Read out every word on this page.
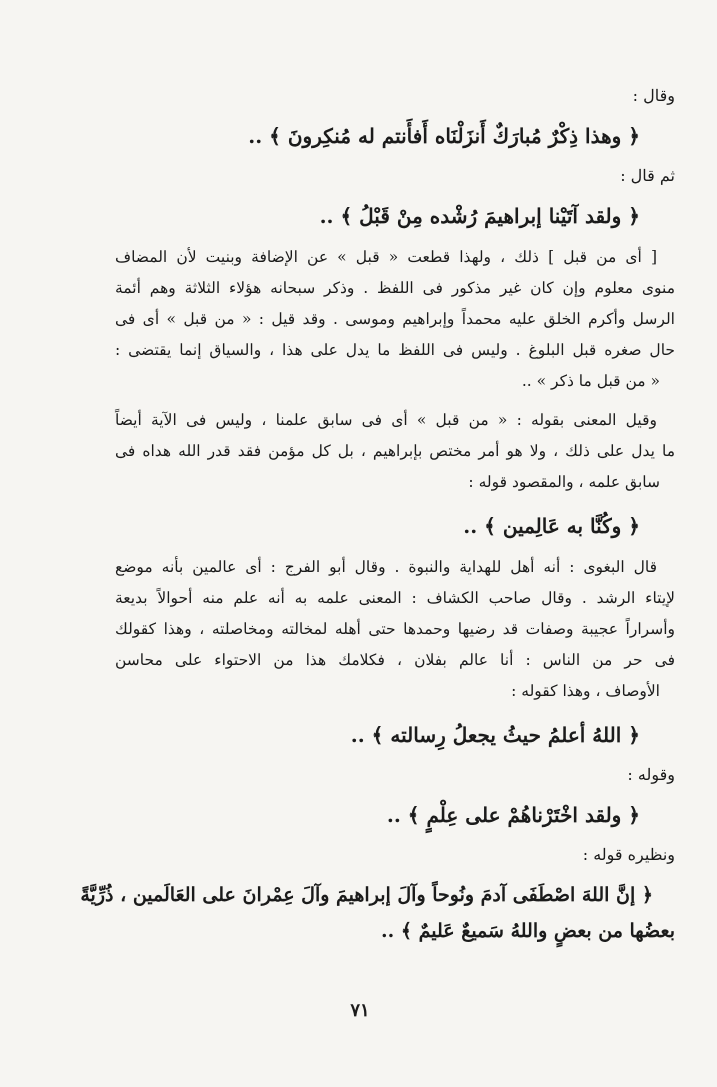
وقال :
﴿ وهذا ذِكْرٌ مُبارَكٌ أَنزَلْنَاه أَفأَنتم له مُنكِرونَ ﴾ ..
ثم قال :
﴿ ولقد آتَيْنا إبراهيمَ رُشْده مِنْ قَبْلُ ﴾ ..
[ أى من قبل ] ذلك ، ولهذا قطعت « قبل » عن الإضافة وبنيت لأن المضاف
منوى معلوم وإن كان غير مذكور فى اللفظ . وذكر سبحانه هؤلاء الثلاثة وهم أئمة
الرسل وأكرم الخلق عليه محمداً وإبراهيم وموسى . وقد قيل : « من قبل » أى فى
حال صغره قبل البلوغ . وليس فى اللفظ ما يدل على هذا ، والسياق إنما يقتضى :
« من قبل ما ذكر » ..
وقيل المعنى بقوله : « من قبل » أى فى سابق علمنا ، وليس فى الآية أيضاً
ما يدل على ذلك ، ولا هو أمر مختص بإبراهيم ، بل كل مؤمن فقد قدر الله هداه فى
سابق علمه ، والمقصود قوله :
﴿ وكُنَّا به عَالِمين ﴾ ..
قال البغوى : أنه أهل للهداية والنبوة . وقال أبو الفرج : أى عالمين بأنه موضع
لإيتاء الرشد . وقال صاحب الكشاف : المعنى علمه به أنه علم منه أحوالاً بديعة
وأسراراً عجيبة وصفات قد رضيها وحمدها حتى أهله لمخالته ومخاصلته ، وهذا كقولك
فى حر من الناس : أنا عالم بفلان ، فكلامك هذا من الاحتواء على محاسن
الأوصاف ، وهذا كقوله :
﴿ اللهُ أعلمُ حيثُ يجعلُ رِسالته ﴾ ..
وقوله :
﴿ ولقد اخْتَرْناهُمْ على عِلْمٍ ﴾ ..
ونظيره قوله :
﴿ إنَّ اللهَ اصْطَفَى آدمَ ونُوحاً وآلَ إبراهيمَ وآلَ عِمْرانَ على العَالَمين ، ذُرِّيَّةً
بعضُها من بعضٍ واللهُ سَميعٌ عَليمٌ ﴾ ..
٧١
